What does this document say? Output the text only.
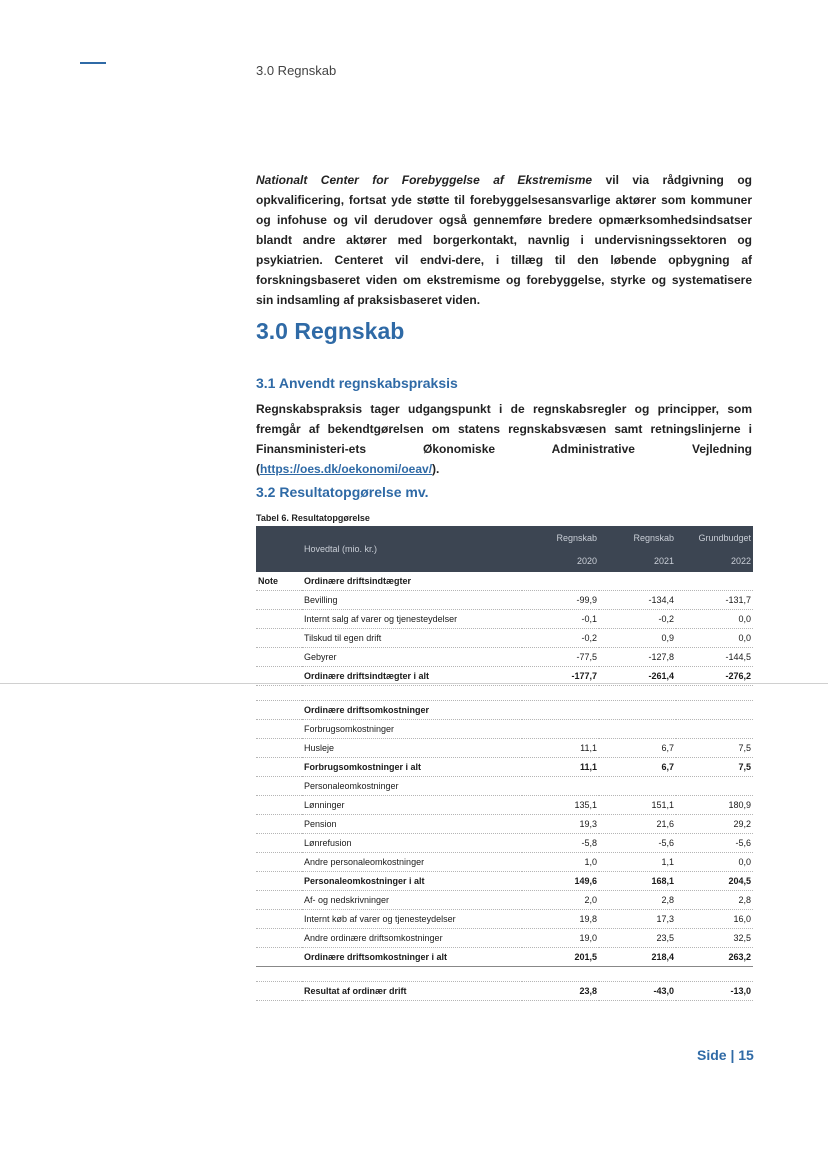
3.0 Regnskab
Nationalt Center for Forebyggelse af Ekstremisme vil via rådgivning og opkvalificering, fortsat yde støtte til forebyggelsesansvarlige aktører som kommuner og infohuse og vil derudover også gennemføre bredere opmærksomhedsindsatser blandt andre aktører med borgerkontakt, navnlig i undervisningssektoren og psykiatrien. Centeret vil endvi-dere, i tillæg til den løbende opbygning af forskningsbaseret viden om ekstremisme og forebyggelse, styrke og systematisere sin indsamling af praksisbaseret viden.
3.0 Regnskab
3.1 Anvendt regnskabspraksis
Regnskabspraksis tager udgangspunkt i de regnskabsregler og principper, som fremgår af bekendtgørelsen om statens regnskabsvæsen samt retningslinjerne i Finansministeri-ets Økonomiske Administrative Vejledning (https://oes.dk/oekonomi/oeav/).
3.2 Resultatopgørelse mv.
Tabel 6. Resultatopgørelse
	Hovedtal (mio. kr.)	Regnskab	Regnskab	Grundbudget
		2020	2021	2022
Note	Ordinære driftsindtægter			
	Bevilling	-99,9	-134,4	-131,7
	Internt salg af varer og tjenesteydelser	-0,1	-0,2	0,0
	Tilskud til egen drift	-0,2	0,9	0,0
	Gebyrer	-77,5	-127,8	-144,5
	Ordinære driftsindtægter i alt	-177,7	-261,4	-276,2

	Ordinære driftsomkostninger			
	Forbrugsomkostninger			
	Husleje	11,1	6,7	7,5
	Forbrugsomkostninger i alt	11,1	6,7	7,5
	Personaleomkostninger			
	Lønninger	135,1	151,1	180,9
	Pension	19,3	21,6	29,2
	Lønrefusion	-5,8	-5,6	-5,6
	Andre personaleomkostninger	1,0	1,1	0,0
	Personaleomkostninger i alt	149,6	168,1	204,5
	Af- og nedskrivninger	2,0	2,8	2,8
	Internt køb af varer og tjenesteydelser	19,8	17,3	16,0
	Andre ordinære driftsomkostninger	19,0	23,5	32,5
	Ordinære driftsomkostninger i alt	201,5	218,4	263,2

	Resultat af ordinær drift	23,8	-43,0	-13,0
Side | 15
